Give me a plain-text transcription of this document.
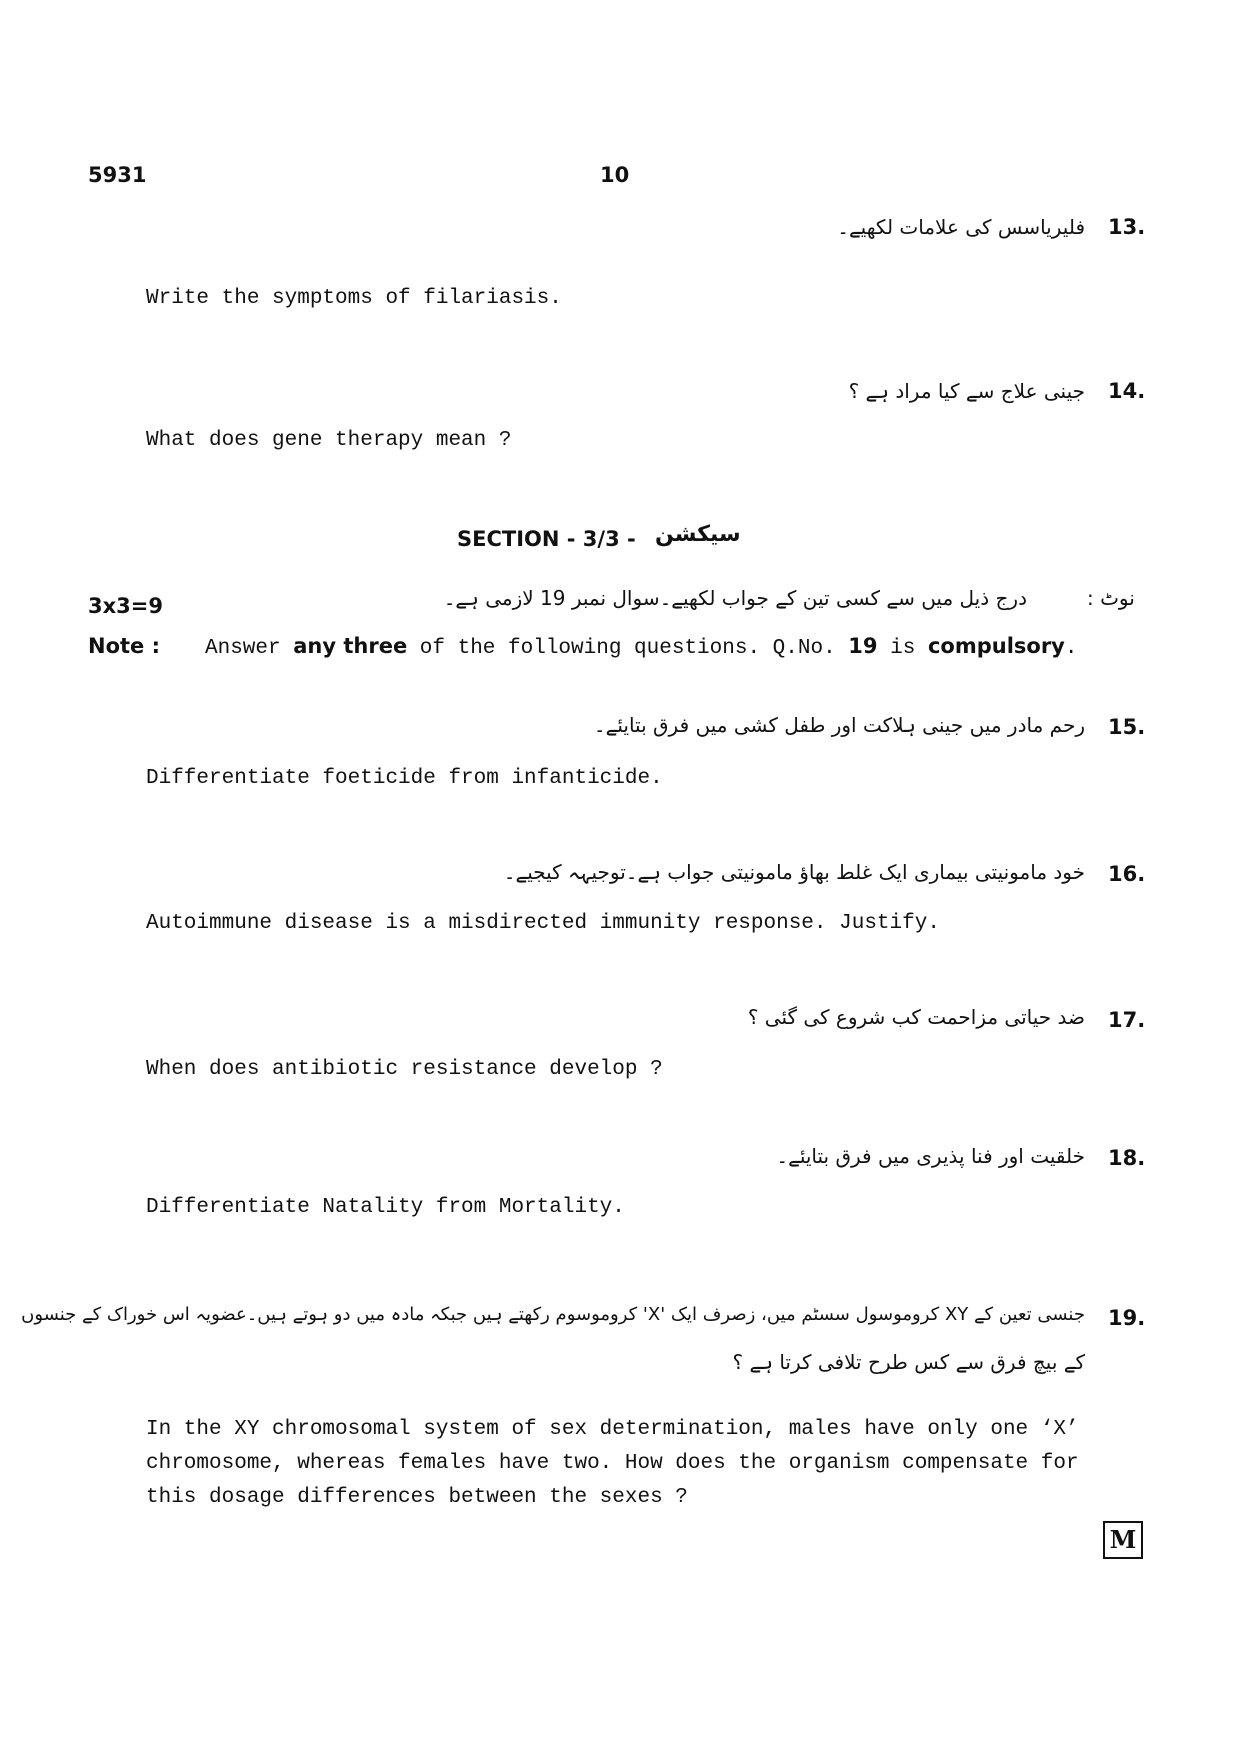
5931	10
13.
فلیریاسس کی علامات لکھیے۔
Write the symptoms of filariasis.
14.
جینی علاج سے کیا مراد ہے ؟
What does gene therapy mean ?
SECTION - 3/3 - سیکشن
نوٹ :
درج ذیل میں سے کسی تین کے جواب لکھیے۔سوال نمبر 19 لازمی ہے۔
3x3=9
Note : Answer any three of the following questions. Q.No. 19 is compulsory.
15.
رحم مادر میں جینی ہلاکت اور طفل کشی میں فرق بتایئے۔
Differentiate foeticide from infanticide.
16.
خود مامونیتی بیماری ایک غلط بھاؤ مامونیتی جواب ہے۔توجیہہ کیجیے۔
Autoimmune disease is a misdirected immunity response. Justify.
17.
ضد حیاتی مزاحمت کب شروع کی گئی ؟
When does antibiotic resistance develop ?
18.
خلقیت اور فنا پذیری میں فرق بتایئے۔
Differentiate Natality from Mortality.
19.
جنسی تعین کے XY کروموسول سسٹم میں، زصرف ایک 'X' کروموسوم رکھتے ہیں جبکہ مادہ میں دو ہوتے ہیں۔عضویہ اس خوراک کے جنسوں
کے بیچ فرق سے کس طرح تلافی کرتا ہے ؟
In the XY chromosomal system of sex determination, males have only one ‘X’
chromosome, whereas females have two. How does the organism compensate for
this dosage differences between the sexes ?
M
